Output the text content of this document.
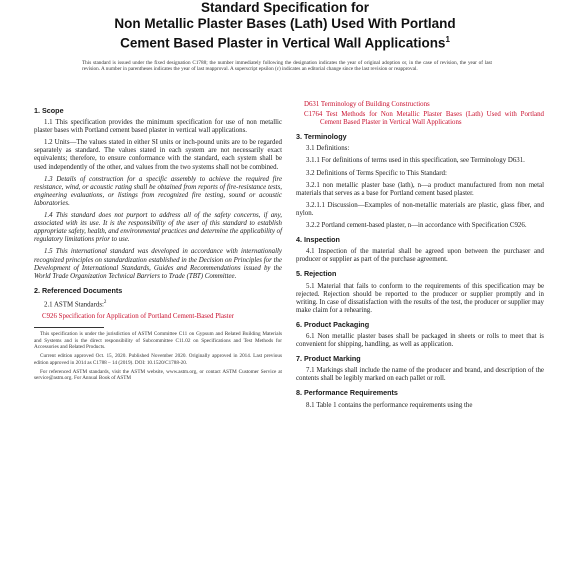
Standard Specification for
Non Metallic Plaster Bases (Lath) Used With Portland
Cement Based Plaster in Vertical Wall Applications$^1$
This standard is issued under the fixed designation C1788; the number immediately following the designation indicates the year of original adoption or, in the case of revision, the year of last revision. A number in parentheses indicates the year of last reapproval. A superscript epsilon (ε) indicates an editorial change since the last revision or reapproval.
1. Scope

1.1 This specification provides the minimum specification for use of non metallic plaster bases with Portland cement based plaster in vertical wall applications.

1.2 Units—The values stated in either SI units or inch-pound units are to be regarded separately as standard. The values stated in each system are not necessarily exact equivalents; therefore, to ensure conformance with the standard, each system shall be used independently of the other, and values from the two systems shall not be combined.

1.3 Details of construction for a specific assembly to achieve the required fire resistance, wind, or acoustic rating shall be obtained from reports of fire-resistance tests, engineering evaluations, or listings from recognized fire testing, sound or acoustic laboratories.

1.4 This standard does not purport to address all of the safety concerns, if any, associated with its use. It is the responsibility of the user of this standard to establish appropriate safety, health, and environmental practices and determine the applicability of regulatory limitations prior to use.

1.5 This international standard was developed in accordance with internationally recognized principles on standardization established in the Decision on Principles for the Development of International Standards, Guides and Recommendations issued by the World Trade Organization Technical Barriers to Trade (TBT) Committee.

2. Referenced Documents

2.1 ASTM Standards:$^2$

C926 Specification for Application of Portland Cement-Based Plaster

This specification is under the jurisdiction of ASTM Committee C11 on Gypsum and Related Building Materials and Systems and is the direct responsibility of Subcommittee C11.02 on Specifications and Test Methods for Accessories and Related Products.

Current edition approved Oct. 15, 2020. Published November 2020. Originally approved in 2014. Last previous edition approved in 2014 as C1788 – 14 (2019). DOI: 10.1520/C1788-20.

For referenced ASTM standards, visit the ASTM website, www.astm.org, or contact ASTM Customer Service at service@astm.org. For Annual Book of ASTM

D631 Terminology of Building Constructions

C1764 Test Methods for Non Metallic Plaster Bases (Lath) Used with Portland Cement Based Plaster in Vertical Wall Applications

3. Terminology

3.1 Definitions:

3.1.1 For definitions of terms used in this specification, see Terminology D631.

3.2 Definitions of Terms Specific to This Standard:

3.2.1 non metallic plaster base (lath), n—a product manufactured from non metal materials that serves as a base for Portland cement based plaster.

3.2.1.1 Discussion—Examples of non-metallic materials are plastic, glass fiber, and nylon.

3.2.2 Portland cement-based plaster, n—in accordance with Specification C926.

4. Inspection

4.1 Inspection of the material shall be agreed upon between the purchaser and producer or supplier as part of the purchase agreement.

5. Rejection

5.1 Material that fails to conform to the requirements of this specification may be rejected. Rejection should be reported to the producer or supplier promptly and in writing. In case of dissatisfaction with the results of the test, the producer or supplier may make claim for a rehearing.

6. Product Packaging

6.1 Non metallic plaster bases shall be packaged in sheets or rolls to meet that is convenient for shipping, handling, as well as application.

7. Product Marking

7.1 Markings shall include the name of the producer and brand, and description of the contents shall be legibly marked on each pallet or roll.

8. Performance Requirements

8.1 Table 1 contains the performance requirements using the
